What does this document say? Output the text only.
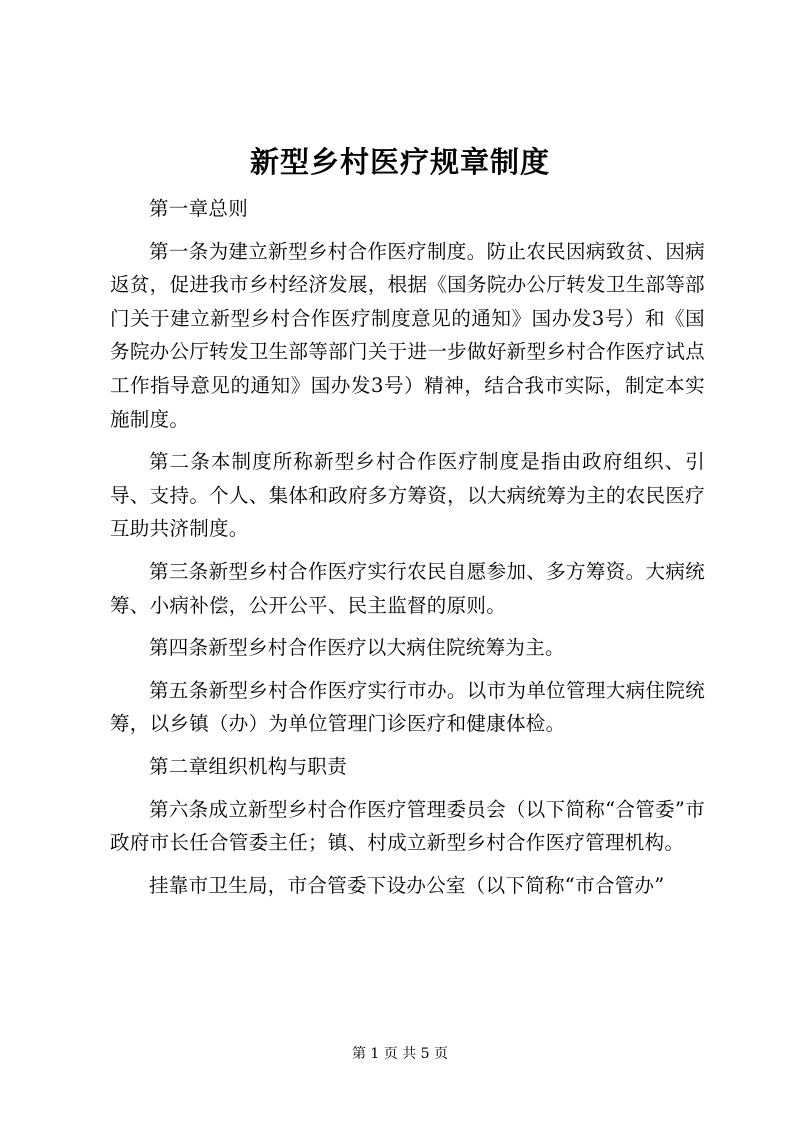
新型乡村医疗规章制度

第一章总则

第一条为建立新型乡村合作医疗制度。防止农民因病致贫、因病返贫，促进我市乡村经济发展，根据《国务院办公厅转发卫生部等部门关于建立新型乡村合作医疗制度意见的通知》国办发3号）和《国务院办公厅转发卫生部等部门关于进一步做好新型乡村合作医疗试点工作指导意见的通知》国办发3号）精神，结合我市实际，制定本实施制度。

第二条本制度所称新型乡村合作医疗制度是指由政府组织、引导、支持。个人、集体和政府多方筹资，以大病统筹为主的农民医疗互助共济制度。

第三条新型乡村合作医疗实行农民自愿参加、多方筹资。大病统筹、小病补偿，公开公平、民主监督的原则。

第四条新型乡村合作医疗以大病住院统筹为主。

第五条新型乡村合作医疗实行市办。以市为单位管理大病住院统筹，以乡镇（办）为单位管理门诊医疗和健康体检。

第二章组织机构与职责

第六条成立新型乡村合作医疗管理委员会（以下简称“合管委”市政府市长任合管委主任；镇、村成立新型乡村合作医疗管理机构。

挂靠市卫生局，市合管委下设办公室（以下简称“市合管办”

第 1 页 共 5 页
